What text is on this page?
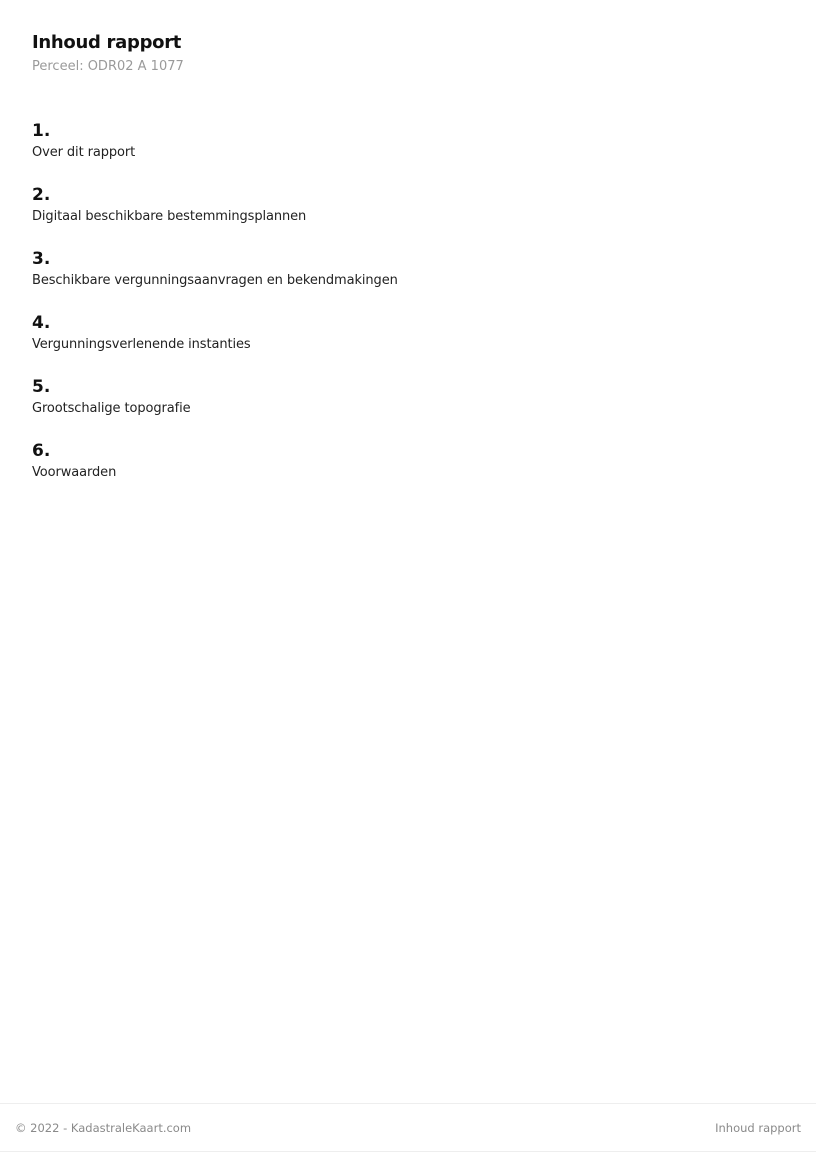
Inhoud rapport
Perceel: ODR02 A 1077
1.
Over dit rapport
2.
Digitaal beschikbare bestemmingsplannen
3.
Beschikbare vergunningsaanvragen en bekendmakingen
4.
Vergunningsverlenende instanties
5.
Grootschalige topografie
6.
Voorwaarden
© 2022 - KadastraleKaart.com	Inhoud rapport
